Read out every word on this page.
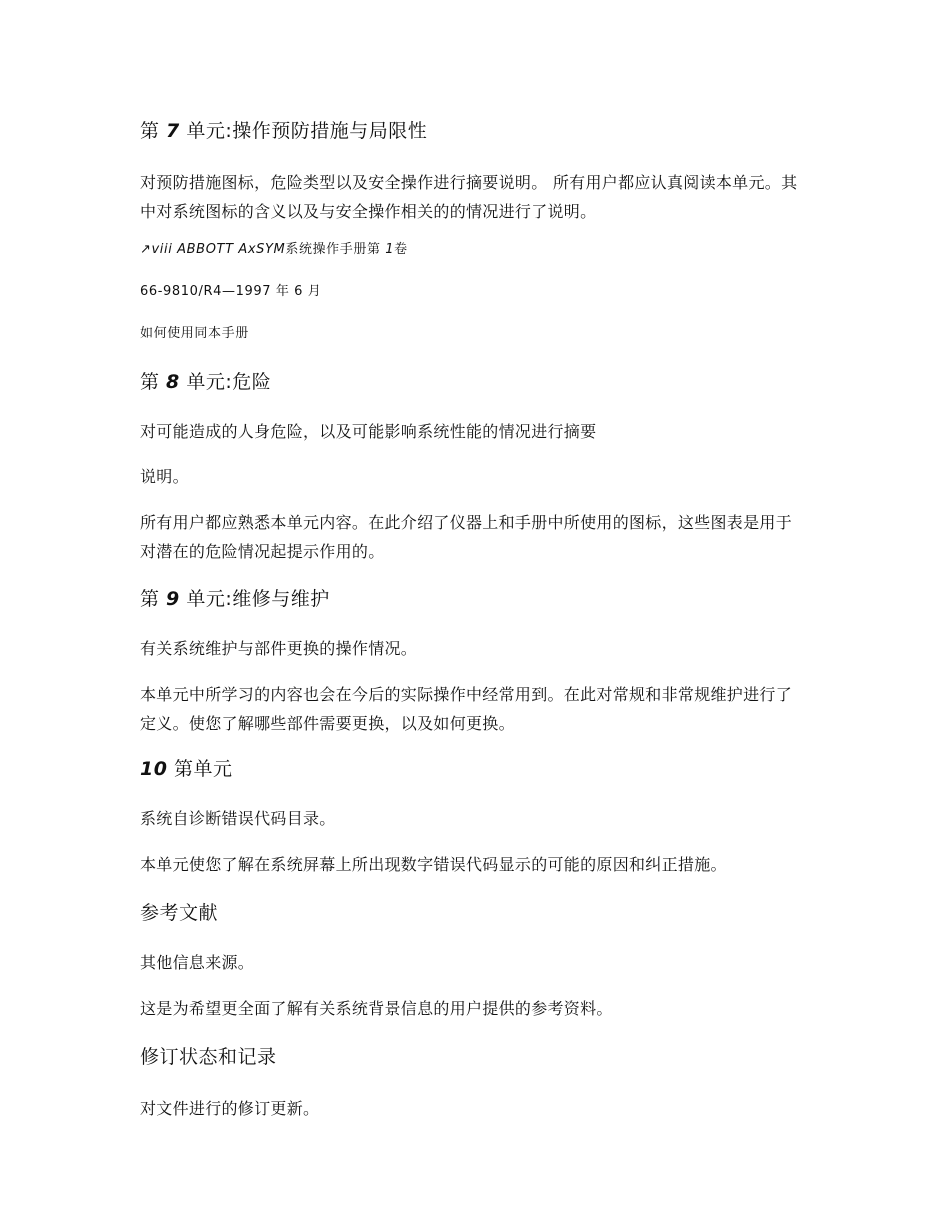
第 7 单元:操作预防措施与局限性

对预防措施图标，危险类型以及安全操作进行摘要说明。 所有用户都应认真阅读本单元。其中对系统图标的含义以及与安全操作相关的的情况进行了说明。

↗viii ABBOTT AxSYM系统操作手册第 1卷
66-9810/R4—1997 年 6 月
如何使用同本手册
第 8 单元:危险

对可能造成的人身危险，以及可能影响系统性能的情况进行摘要

说明。

所有用户都应熟悉本单元内容。在此介绍了仪器上和手册中所使用的图标，这些图表是用于对潜在的危险情况起提示作用的。

第 9 单元:维修与维护

有关系统维护与部件更换的操作情况。

本单元中所学习的内容也会在今后的实际操作中经常用到。在此对常规和非常规维护进行了定义。使您了解哪些部件需要更换，以及如何更换。

10 第单元

系统自诊断错误代码目录。

本单元使您了解在系统屏幕上所出现数字错误代码显示的可能的原因和纠正措施。

参考文献

其他信息来源。

这是为希望更全面了解有关系统背景信息的用户提供的参考资料。

修订状态和记录

对文件进行的修订更新。
